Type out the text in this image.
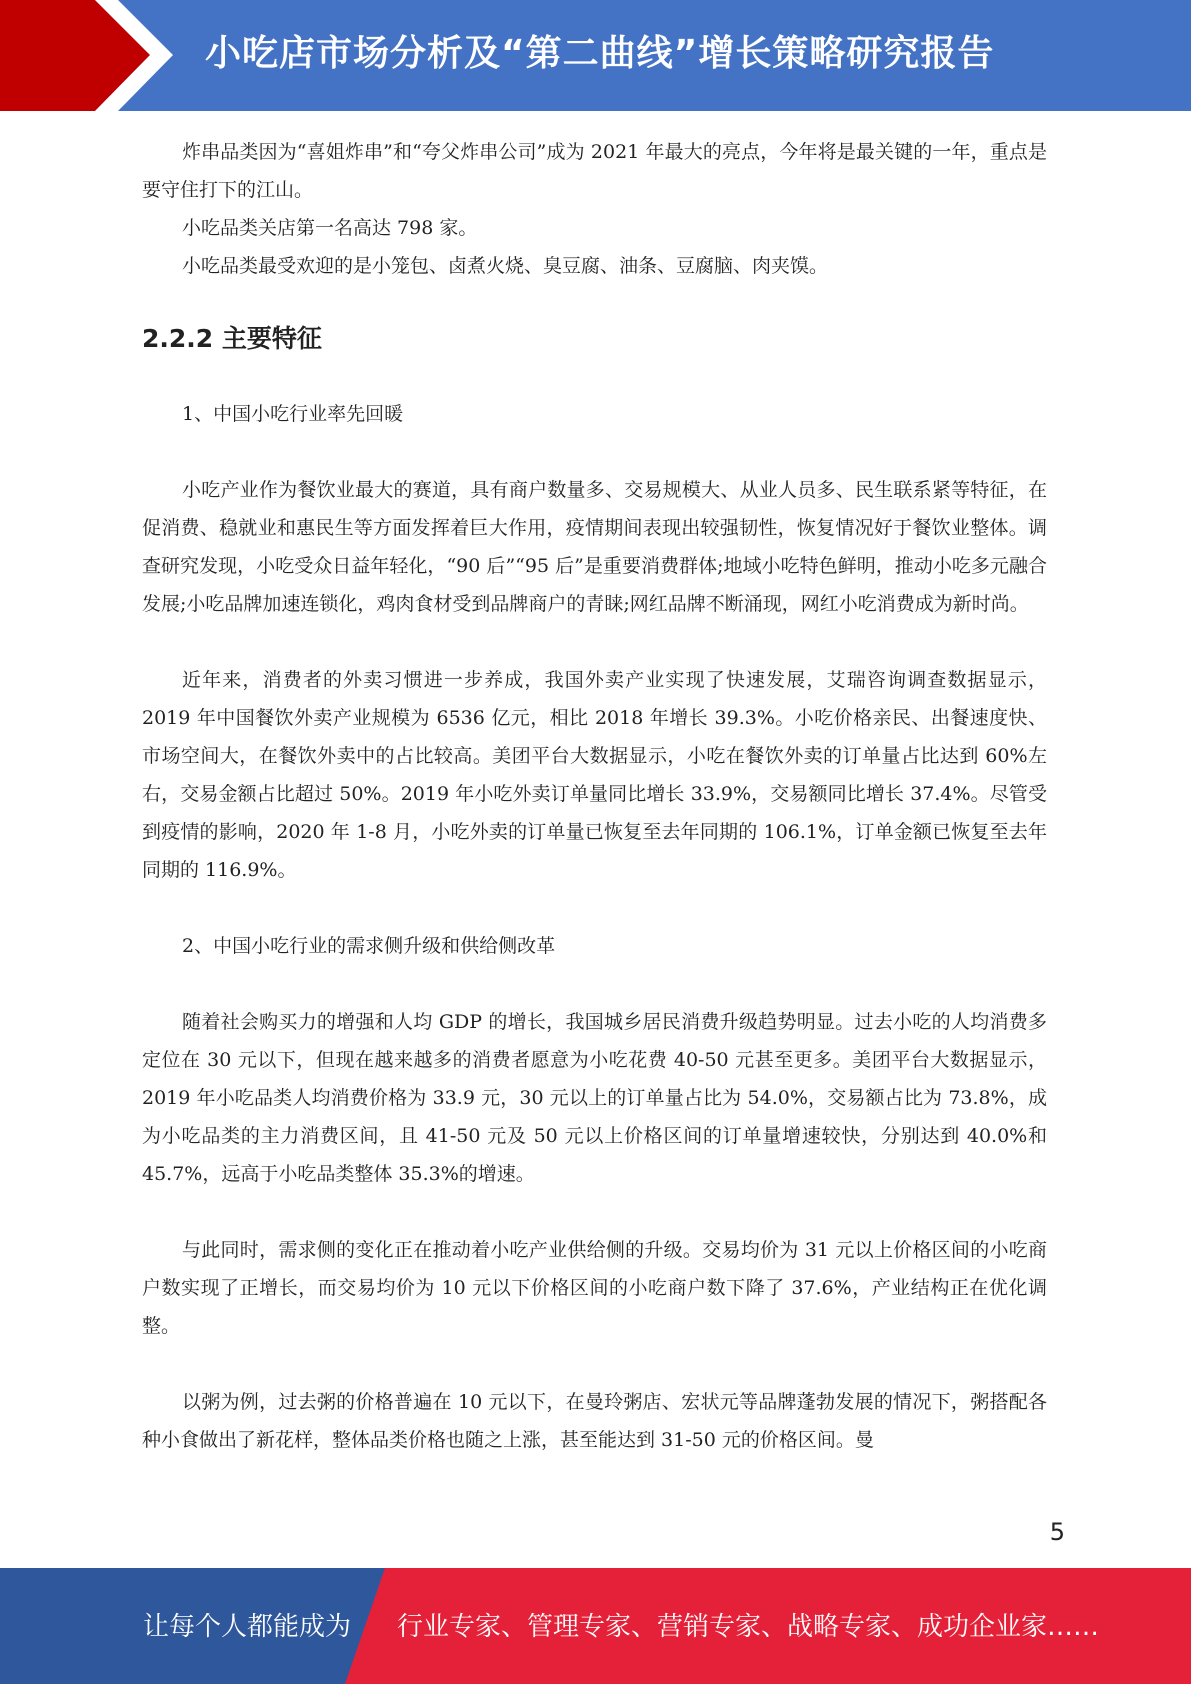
小吃店市场分析及“第二曲线”增长策略研究报告

炸串品类因为“喜姐炸串”和“夸父炸串公司”成为 2021 年最大的亮点，今年将是最关键的一年，重点是要守住打下的江山。

小吃品类关店第一名高达 798 家。

小吃品类最受欢迎的是小笼包、卤煮火烧、臭豆腐、油条、豆腐脑、肉夹馍。

2.2.2 主要特征

1、中国小吃行业率先回暖

小吃产业作为餐饮业最大的赛道，具有商户数量多、交易规模大、从业人员多、民生联系紧等特征，在促消费、稳就业和惠民生等方面发挥着巨大作用，疫情期间表现出较强韧性，恢复情况好于餐饮业整体。调查研究发现，小吃受众日益年轻化，“90 后”“95 后”是重要消费群体;地域小吃特色鲜明，推动小吃多元融合发展;小吃品牌加速连锁化，鸡肉食材受到品牌商户的青睐;网红品牌不断涌现，网红小吃消费成为新时尚。

近年来，消费者的外卖习惯进一步养成，我国外卖产业实现了快速发展，艾瑞咨询调查数据显示，2019 年中国餐饮外卖产业规模为 6536 亿元，相比 2018 年增长 39.3%。小吃价格亲民、出餐速度快、市场空间大，在餐饮外卖中的占比较高。美团平台大数据显示，小吃在餐饮外卖的订单量占比达到 60%左右，交易金额占比超过 50%。2019 年小吃外卖订单量同比增长 33.9%，交易额同比增长 37.4%。尽管受到疫情的影响，2020 年 1-8 月，小吃外卖的订单量已恢复至去年同期的 106.1%，订单金额已恢复至去年同期的 116.9%。

2、中国小吃行业的需求侧升级和供给侧改革

随着社会购买力的增强和人均 GDP 的增长，我国城乡居民消费升级趋势明显。过去小吃的人均消费多定位在 30 元以下，但现在越来越多的消费者愿意为小吃花费 40-50 元甚至更多。美团平台大数据显示，2019 年小吃品类人均消费价格为 33.9 元，30 元以上的订单量占比为 54.0%，交易额占比为 73.8%，成为小吃品类的主力消费区间，且 41-50 元及 50 元以上价格区间的订单量增速较快，分别达到 40.0%和 45.7%，远高于小吃品类整体 35.3%的增速。

与此同时，需求侧的变化正在推动着小吃产业供给侧的升级。交易均价为 31 元以上价格区间的小吃商户数实现了正增长，而交易均价为 10 元以下价格区间的小吃商户数下降了 37.6%，产业结构正在优化调整。

以粥为例，过去粥的价格普遍在 10 元以下，在曼玲粥店、宏状元等品牌蓬勃发展的情况下，粥搭配各种小食做出了新花样，整体品类价格也随之上涨，甚至能达到 31-50 元的价格区间。曼

5
让每个人都能成为 行业专家、管理专家、营销专家、战略专家、成功企业家……
